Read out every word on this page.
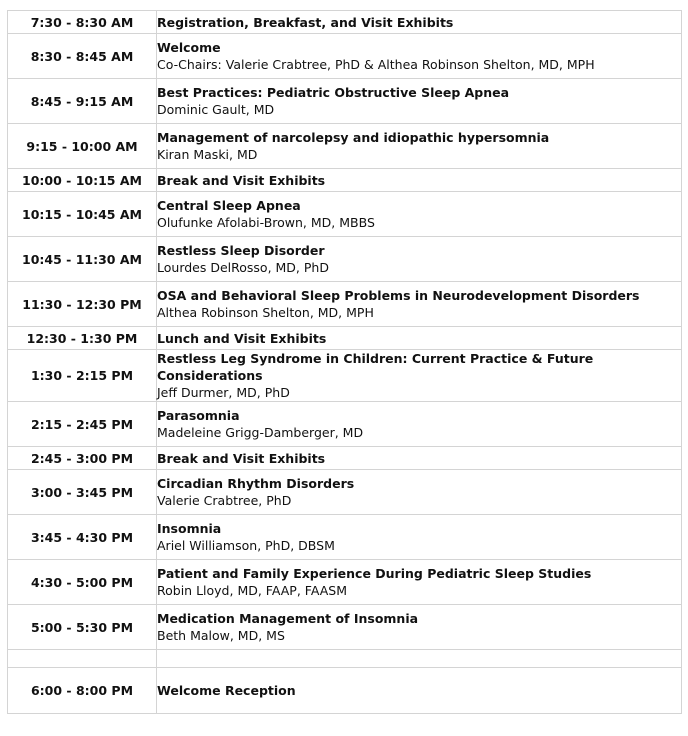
7:30 - 8:30 AM	Registration, Breakfast, and Visit Exhibits

8:30 - 8:45 AM	Welcome
Co-Chairs: Valerie Crabtree, PhD & Althea Robinson Shelton, MD, MPH

8:45 - 9:15 AM	Best Practices: Pediatric Obstructive Sleep Apnea
Dominic Gault, MD

9:15 - 10:00 AM	Management of narcolepsy and idiopathic hypersomnia
Kiran Maski, MD

10:00 - 10:15 AM	Break and Visit Exhibits

10:15 - 10:45 AM	Central Sleep Apnea
Olufunke Afolabi-Brown, MD, MBBS

10:45 - 11:30 AM	Restless Sleep Disorder
Lourdes DelRosso, MD, PhD

11:30 - 12:30 PM	OSA and Behavioral Sleep Problems in Neurodevelopment Disorders
Althea Robinson Shelton, MD, MPH

12:30 - 1:30 PM	Lunch and Visit Exhibits

1:30 - 2:15 PM	Restless Leg Syndrome in Children: Current Practice & Future Considerations
Jeff Durmer, MD, PhD

2:15 - 2:45 PM	Parasomnia
Madeleine Grigg-Damberger, MD

2:45 - 3:00 PM	Break and Visit Exhibits

3:00 - 3:45 PM	Circadian Rhythm Disorders
Valerie Crabtree, PhD

3:45 - 4:30 PM	Insomnia
Ariel Williamson, PhD, DBSM

4:30 - 5:00 PM	Patient and Family Experience During Pediatric Sleep Studies
Robin Lloyd, MD, FAAP, FAASM

5:00 - 5:30 PM	Medication Management of Insomnia
Beth Malow, MD, MS

6:00 - 8:00 PM	Welcome Reception
